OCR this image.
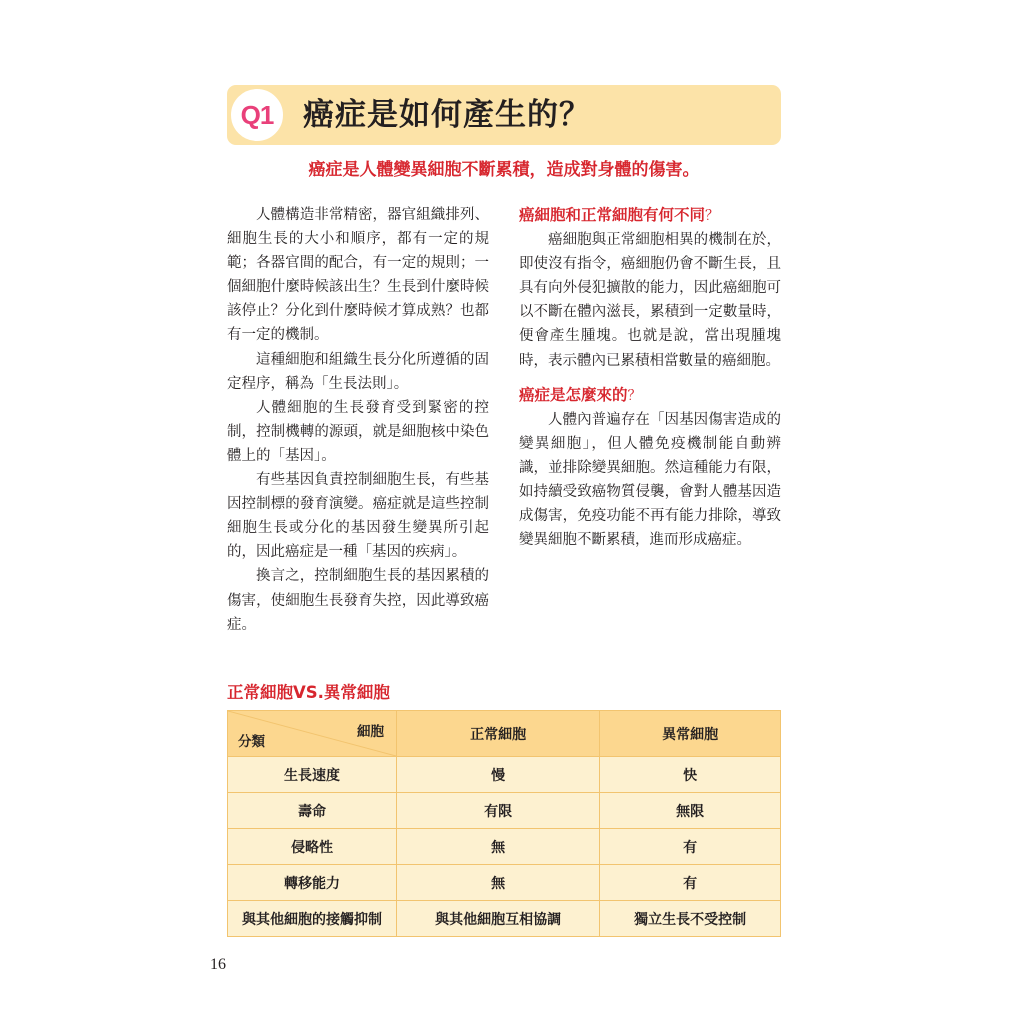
Q1 癌症是如何產生的？
癌症是人體變異細胞不斷累積，造成對身體的傷害。

人體構造非常精密，器官組織排列、細胞生長的大小和順序，都有一定的規範；各器官間的配合，有一定的規則；一個細胞什麼時候該出生？生長到什麼時候該停止？分化到什麼時候才算成熟？也都有一定的機制。

這種細胞和組織生長分化所遵循的固定程序，稱為「生長法則」。

人體細胞的生長發育受到緊密的控制，控制機轉的源頭，就是細胞核中染色體上的「基因」。

有些基因負責控制細胞生長，有些基因控制標的發育演變。癌症就是這些控制細胞生長或分化的基因發生變異所引起的，因此癌症是一種「基因的疾病」。

換言之，控制細胞生長的基因累積的傷害，使細胞生長發育失控，因此導致癌症。

癌細胞和正常細胞有何不同？

癌細胞與正常細胞相異的機制在於，即使沒有指令，癌細胞仍會不斷生長，且具有向外侵犯擴散的能力，因此癌細胞可以不斷在體內滋長，累積到一定數量時，便會產生腫塊。也就是說，當出現腫塊時，表示體內已累積相當數量的癌細胞。

癌症是怎麼來的？

人體內普遍存在「因基因傷害造成的變異細胞」，但人體免疫機制能自動辨識，並排除變異細胞。然這種能力有限，如持續受致癌物質侵襲，會對人體基因造成傷害，免疫功能不再有能力排除，導致變異細胞不斷累積，進而形成癌症。

正常細胞VS.異常細胞
細胞
分類	正常細胞	異常細胞
生長速度	慢	快
壽命	有限	無限
侵略性	無	有
轉移能力	無	有
與其他細胞的接觸抑制	與其他細胞互相協調	獨立生長不受控制
16
